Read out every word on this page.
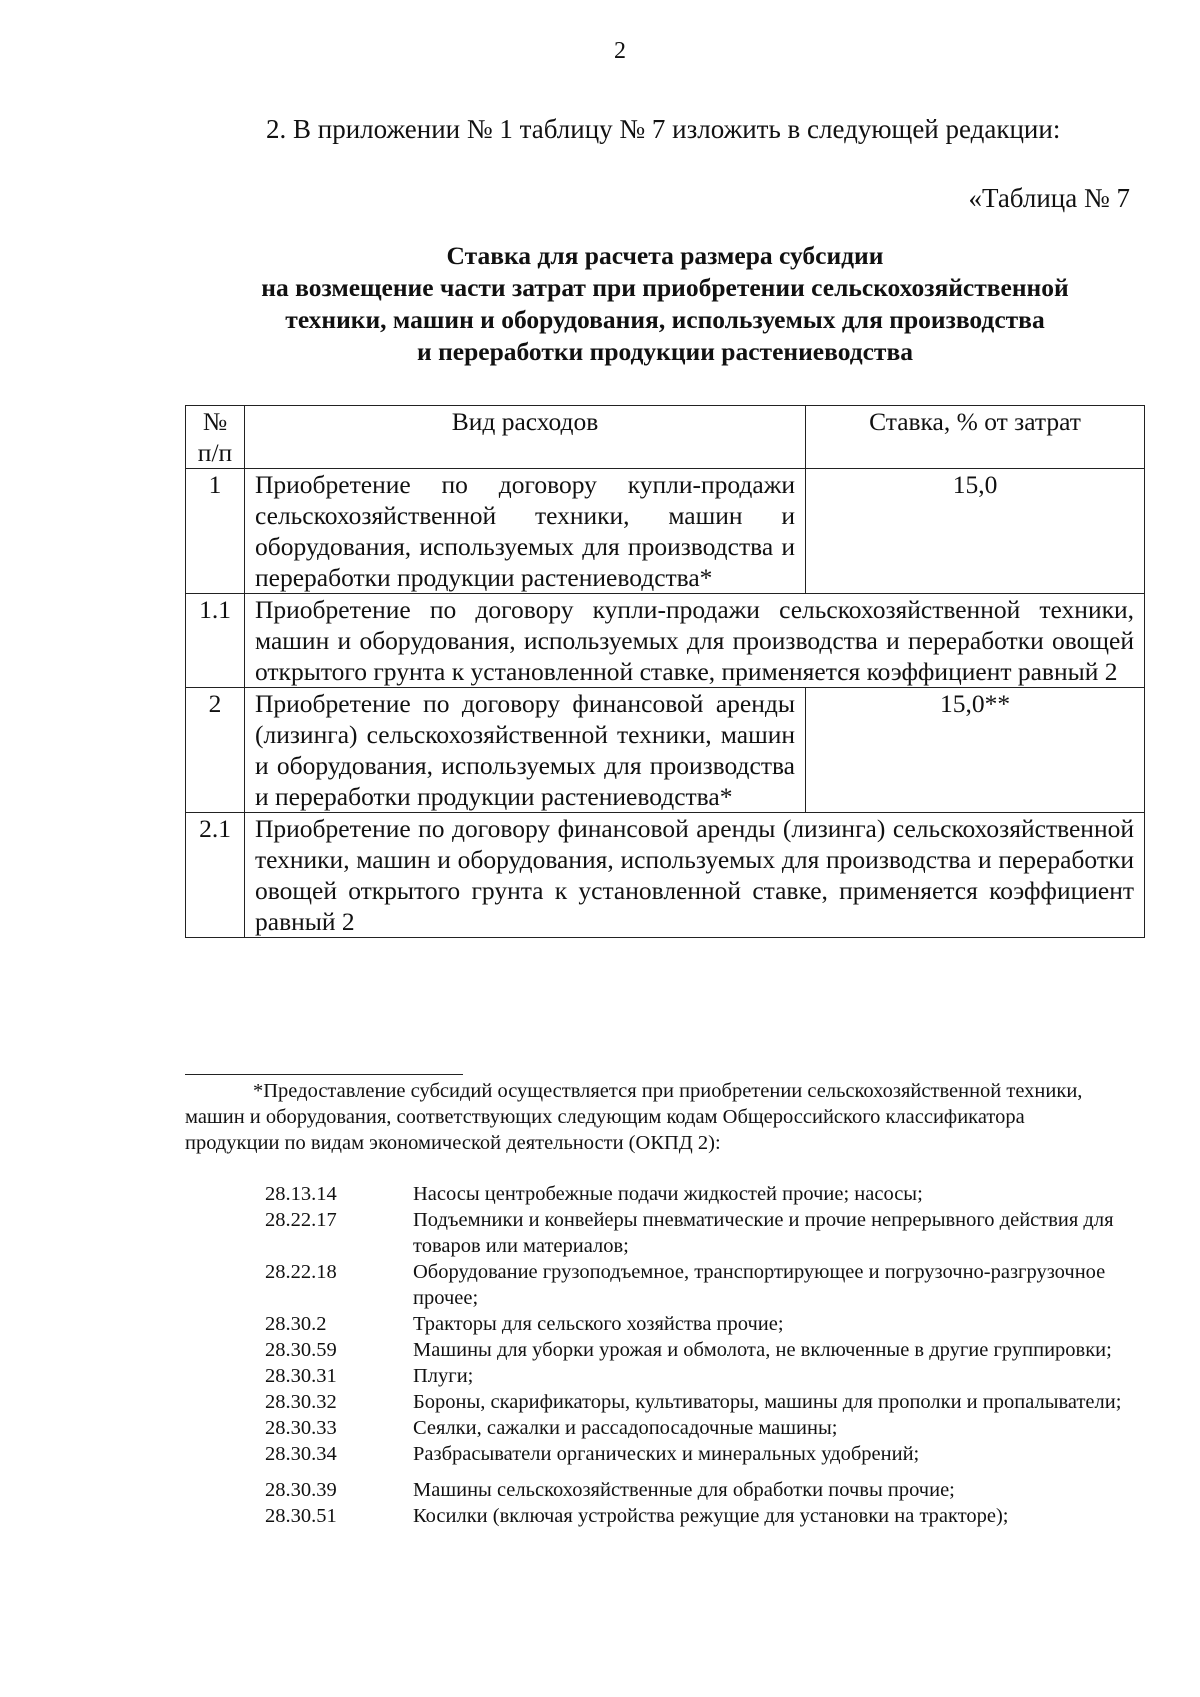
2
2. В приложении № 1 таблицу № 7 изложить в следующей редакции:
«Таблица № 7
Ставка для расчета размера субсидии
на возмещение части затрат при приобретении сельскохозяйственной
техники, машин и оборудования, используемых для производства
и переработки продукции растениеводства
№ п/п	Вид расходов	Ставка, % от затрат
1	Приобретение по договору купли-продажи сельскохозяйственной техники, машин и оборудования, используемых для производства и переработки продукции растениеводства*	15,0
1.1	Приобретение по договору купли-продажи сельскохозяйственной техники, машин и оборудования, используемых для производства и переработки овощей открытого грунта к установленной ставке, применяется коэффициент равный 2	
2	Приобретение по договору финансовой аренды (лизинга) сельскохозяйственной техники, машин и оборудования, используемых для производства и переработки продукции растениеводства*	15,0**
2.1	Приобретение по договору финансовой аренды (лизинга) сельскохозяйственной техники, машин и оборудования, используемых для производства и переработки овощей открытого грунта к установленной ставке, применяется коэффициент равный 2	

*Предоставление субсидий осуществляется при приобретении сельскохозяйственной техники, машин и оборудования, соответствующих следующим кодам Общероссийского классификатора продукции по видам экономической деятельности (ОКПД 2):

28.13.14	Насосы центробежные подачи жидкостей прочие; насосы;
28.22.17	Подъемники и конвейеры пневматические и прочие непрерывного действия для товаров или материалов;
28.22.18	Оборудование грузоподъемное, транспортирующее и погрузочно-разгрузочное прочее;
28.30.2	Тракторы для сельского хозяйства прочие;
28.30.59	Машины для уборки урожая и обмолота, не включенные в другие группировки;
28.30.31	Плуги;
28.30.32	Бороны, скарификаторы, культиваторы, машины для прополки и пропалыватели;
28.30.33	Сеялки, сажалки и рассадопосадочные машины;
28.30.34	Разбрасыватели органических и минеральных удобрений;
28.30.39	Машины сельскохозяйственные для обработки почвы прочие;
28.30.51	Косилки (включая устройства режущие для установки на тракторе);
